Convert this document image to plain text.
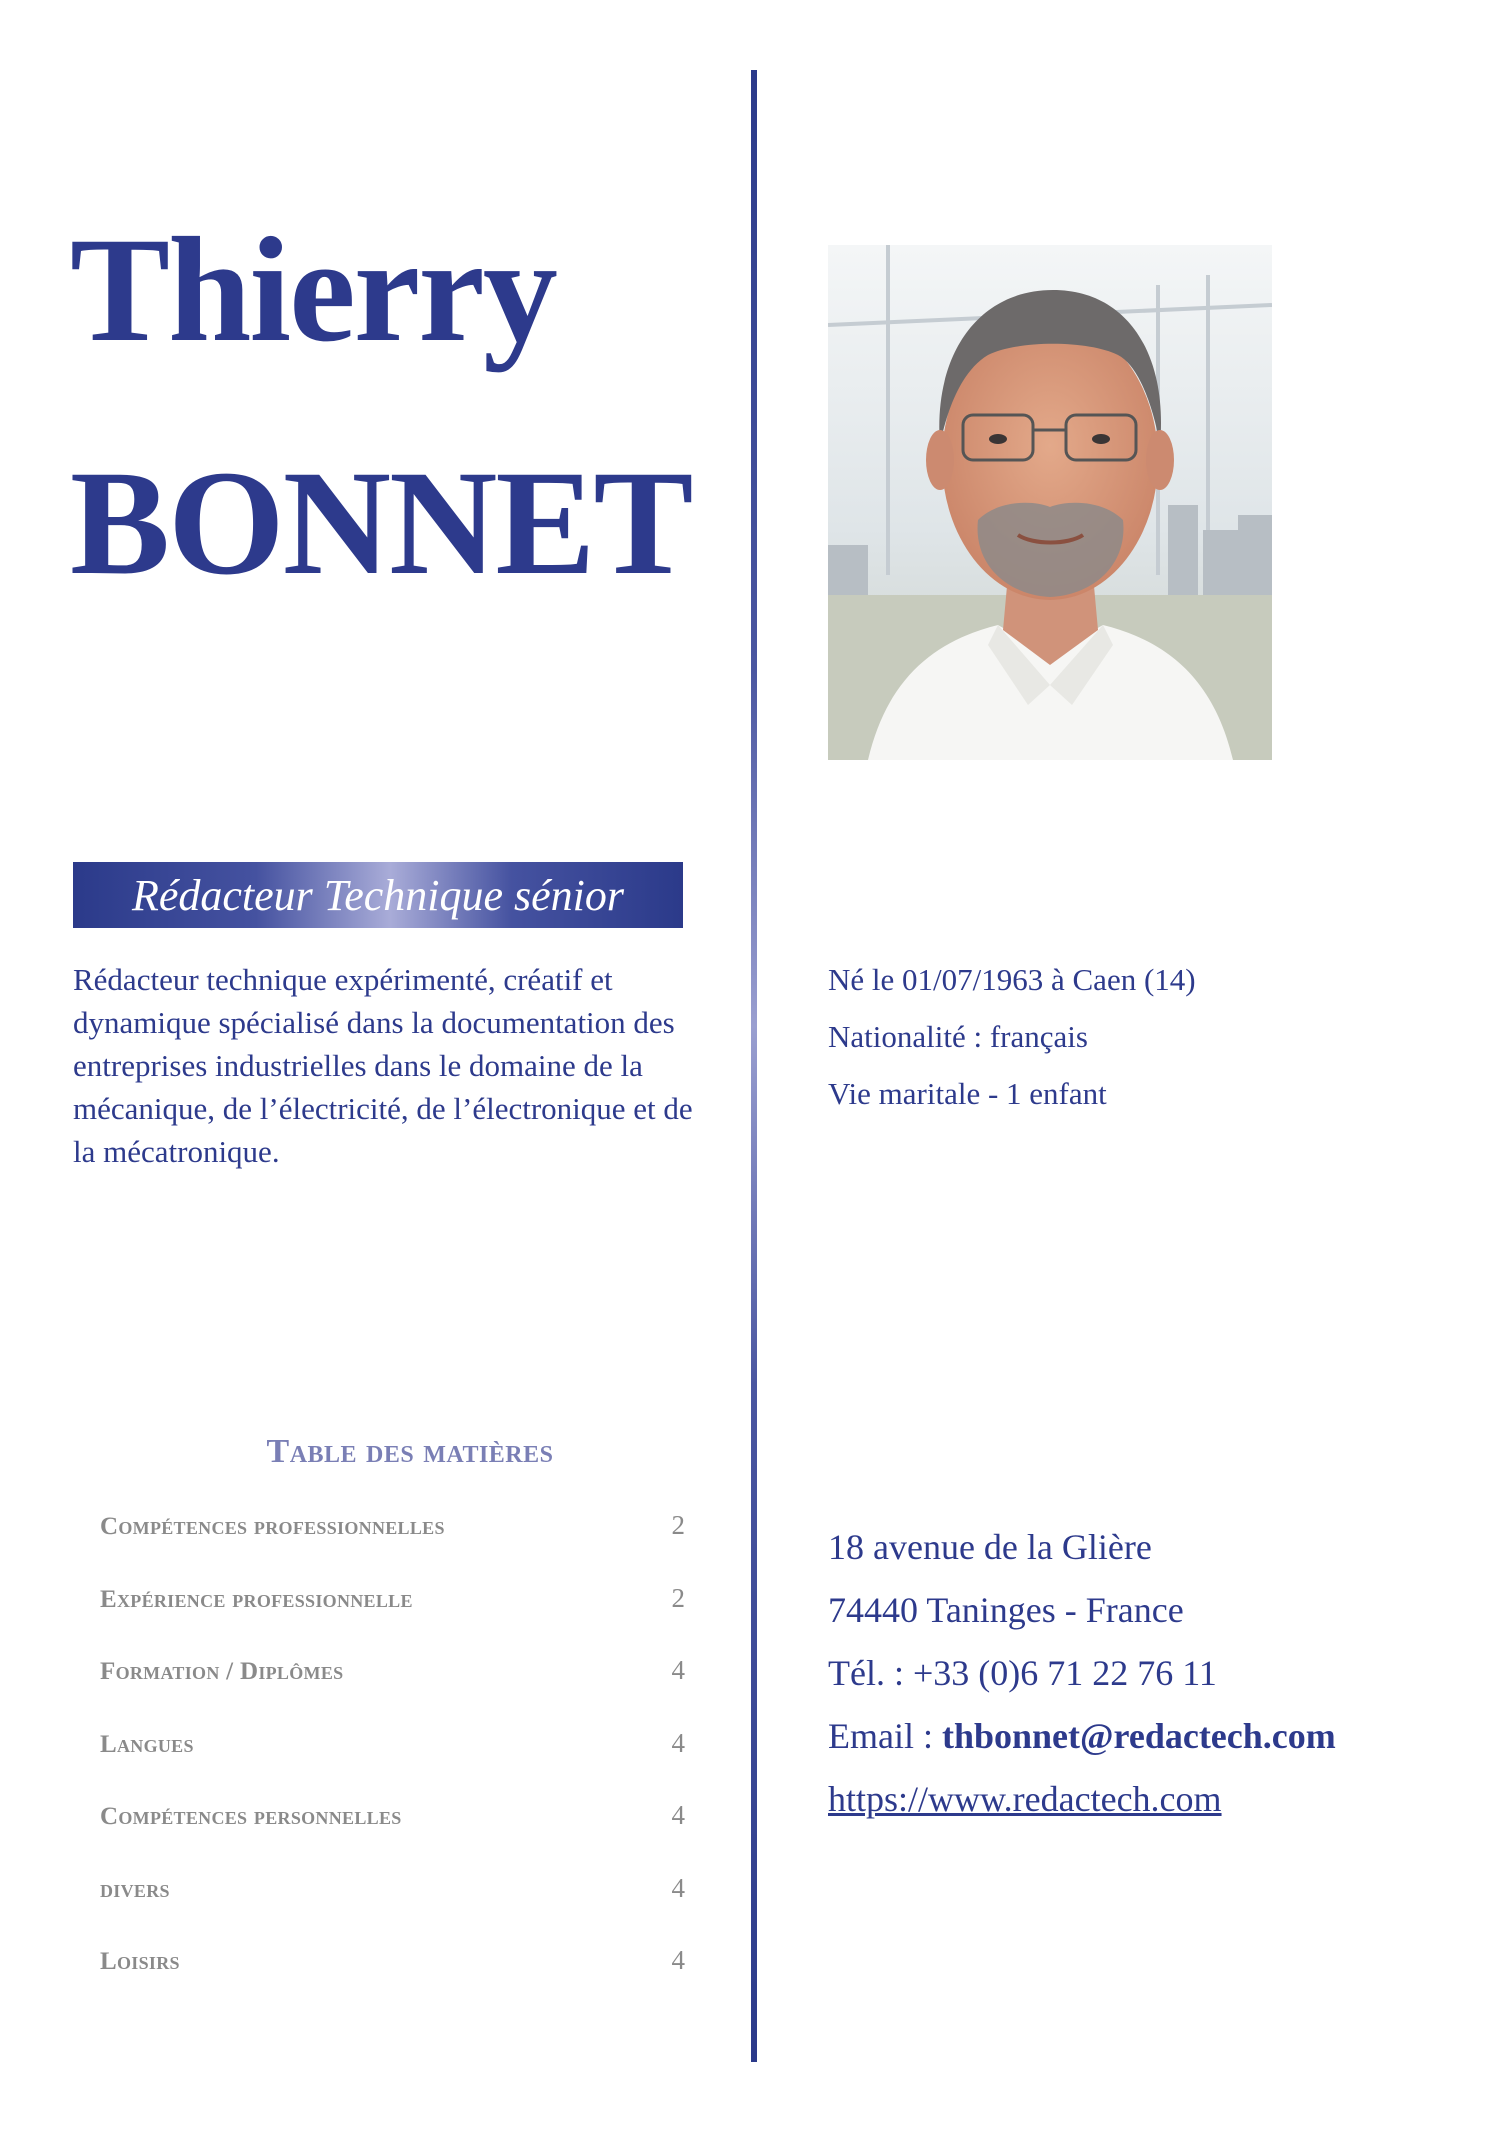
Thierry
BONNET
Rédacteur Technique sénior
Rédacteur technique expérimenté, créatif et dynamique spécialisé dans la documentation des entreprises industrielles dans le domaine de la mécanique, de l’électricité, de l’électronique et de la mécatronique.
Né le 01/07/1963 à Caen (14)
Nationalité : français
Vie maritale - 1 enfant
Table des matières
Compétences professionnelles	2
Expérience professionnelle	2
Formation / Diplômes	4
Langues	4
Compétences personnelles	4
divers	4
Loisirs	4
18 avenue de la Glière
74440 Taninges - France
Tél. : +33 (0)6 71 22 76 11
Email : thbonnet@redactech.com
https://www.redactech.com
